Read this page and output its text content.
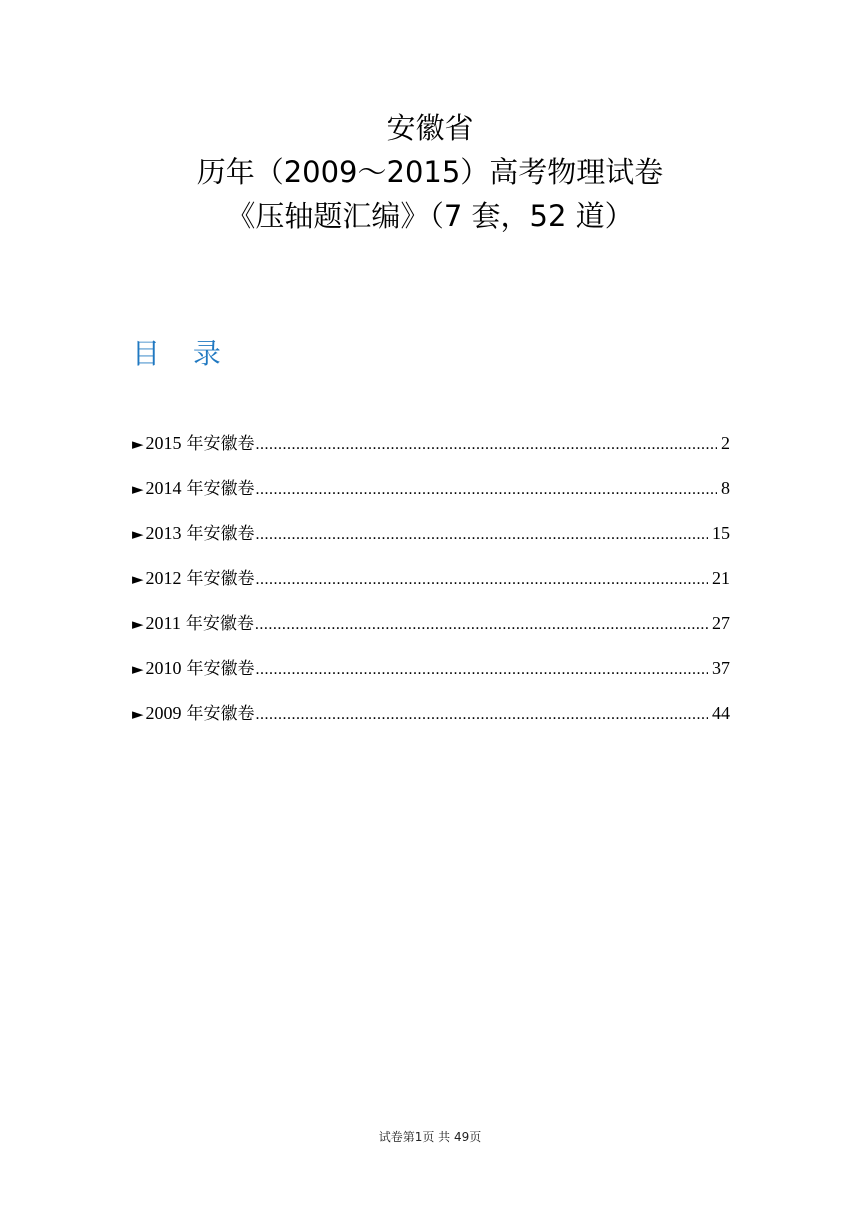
安徽省
历年（2009～2015）高考物理试卷
《压轴题汇编》（7 套，52 道）
目 录
► 2015 年安徽卷 .....	2
► 2014 年安徽卷 .....	8
► 2013 年安徽卷 .....	15
► 2012 年安徽卷 .....	21
► 2011 年安徽卷 .....	27
► 2010 年安徽卷 .....	37
► 2009 年安徽卷 .....	44
试卷第1页 共 49页
